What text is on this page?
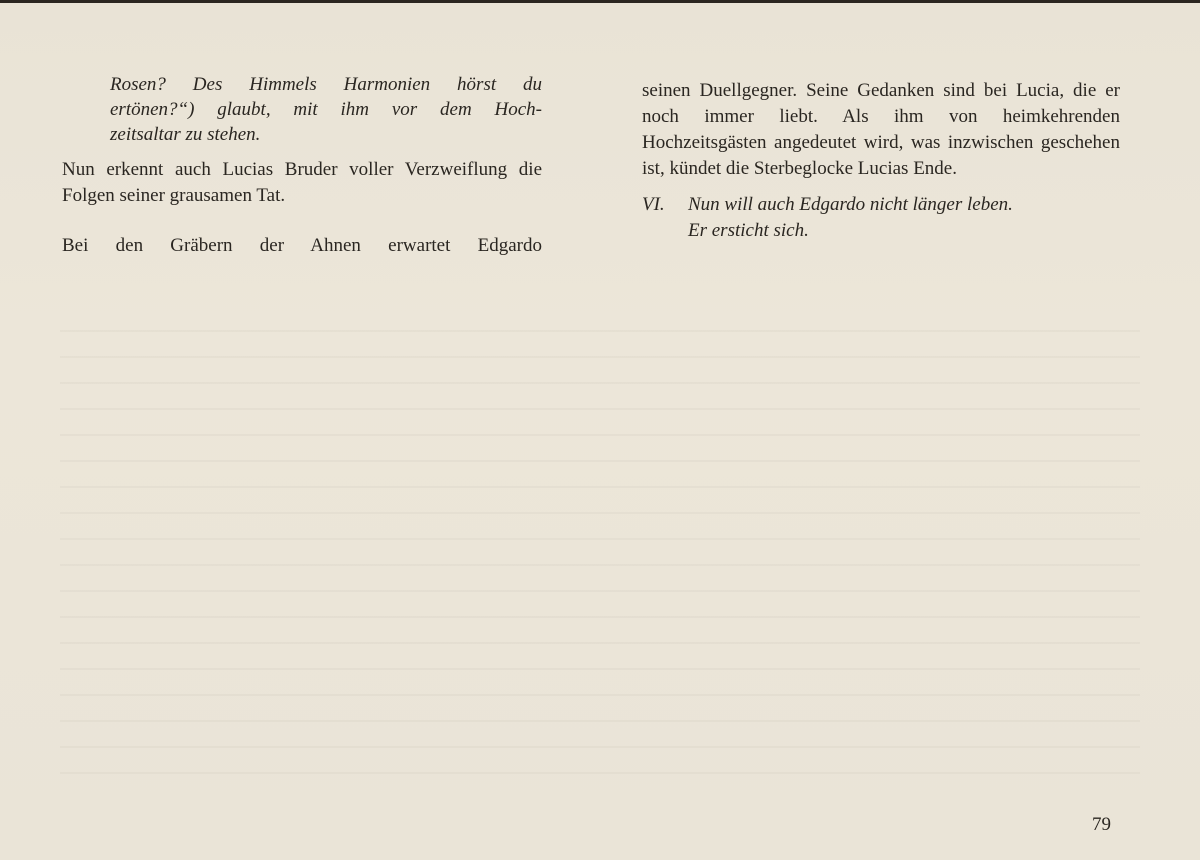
Rosen? Des Himmels Harmonien hörst du
ertönen?“) glaubt, mit ihm vor dem Hoch-
zeitsaltar zu stehen.

Nun erkennt auch Lucias Bruder voller Verzweiflung die Folgen seiner grausamen Tat.

Bei den Gräbern der Ahnen erwartet Edgardo

seinen Duellgegner. Seine Gedanken sind bei Lucia, die er noch immer liebt. Als ihm von heimkehrenden Hochzeitsgästen angedeutet wird, was inzwischen geschehen ist, kündet die Sterbeglocke Lucias Ende.

VI.	Nun will auch Edgardo nicht länger leben.
Er ersticht sich.
79
